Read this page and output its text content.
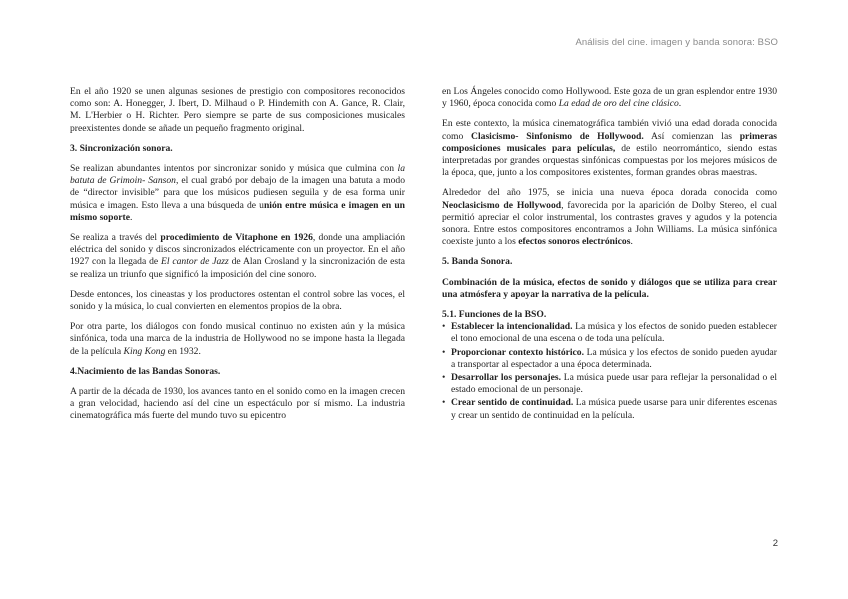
Análisis del cine. imagen y banda sonora: BSO

En el año 1920 se unen algunas sesiones de prestigio con compositores reconocidos como son: A. Honegger, J. Ibert, D. Milhaud o P. Hindemith con A. Gance, R. Clair, M. L'Herbier o H. Richter. Pero siempre se parte de sus composiciones musicales preexistentes donde se añade un pequeño fragmento original.

3. Sincronización sonora.

Se realizan abundantes intentos por sincronizar sonido y música que culmina con la batuta de Grimoin- Sanson, el cual grabó por debajo de la imagen una batuta a modo de “director invisible” para que los músicos pudiesen seguila y de esa forma unir música e imagen. Esto lleva a una búsqueda de unión entre música e imagen en un mismo soporte.

Se realiza a través del procedimiento de Vitaphone en 1926, donde una ampliación eléctrica del sonido y discos sincronizados eléctricamente con un proyector. En el año 1927 con la llegada de El cantor de Jazz de Alan Crosland y la sincronización de esta se realiza un triunfo que significó la imposición del cine sonoro.

Desde entonces, los cineastas y los productores ostentan el control sobre las voces, el sonido y la música, lo cual convierten en elementos propios de la obra.

Por otra parte, los diálogos con fondo musical continuo no existen aún y la música sinfónica, toda una marca de la industria de Hollywood no se impone hasta la llegada de la película King Kong en 1932.

4.Nacimiento de las Bandas Sonoras.

A partir de la década de 1930, los avances tanto en el sonido como en la imagen crecen a gran velocidad, haciendo así del cine un espectáculo por sí mismo. La industria cinematográfica más fuerte del mundo tuvo su epicentro

en Los Ángeles conocido como Hollywood. Este goza de un gran esplendor entre 1930 y 1960, época conocida como La edad de oro del cine clásico.

En este contexto, la música cinematográfica también vivió una edad dorada conocida como Clasicismo- Sinfonismo de Hollywood. Así comienzan las primeras composiciones musicales para películas, de estilo neorromántico, siendo estas interpretadas por grandes orquestas sinfónicas compuestas por los mejores músicos de la época, que, junto a los compositores existentes, forman grandes obras maestras.

Alrededor del año 1975, se inicia una nueva época dorada conocida como Neoclasicismo de Hollywood, favorecida por la aparición de Dolby Stereo, el cual permitió apreciar el color instrumental, los contrastes graves y agudos y la potencia sonora. Entre estos compositores encontramos a John Williams. La música sinfónica coexiste junto a los efectos sonoros electrónicos.

5. Banda Sonora.

Combinación de la música, efectos de sonido y diálogos que se utiliza para crear una atmósfera y apoyar la narrativa de la película.

5.1. Funciones de la BSO.
• Establecer la intencionalidad. La música y los efectos de sonido pueden establecer el tono emocional de una escena o de toda una película.
• Proporcionar contexto histórico. La música y los efectos de sonido pueden ayudar a transportar al espectador a una época determinada.
• Desarrollar los personajes. La música puede usar para reflejar la personalidad o el estado emocional de un personaje.
• Crear sentido de continuidad. La música puede usarse para unir diferentes escenas y crear un sentido de continuidad en la película.
2
